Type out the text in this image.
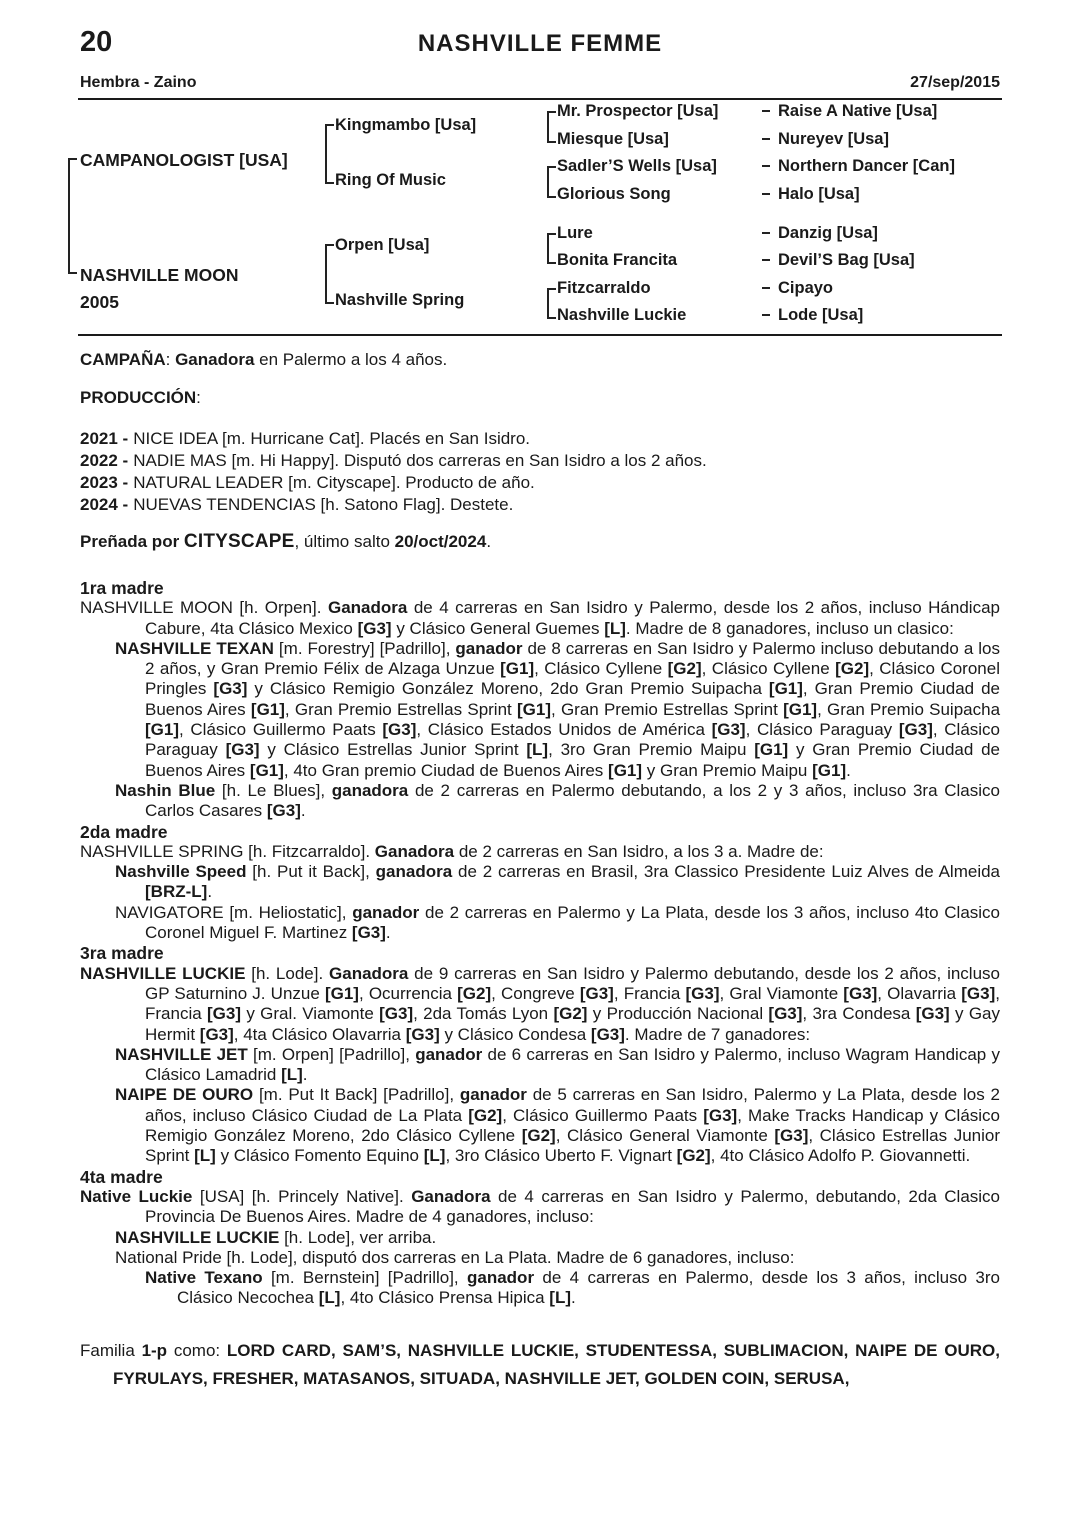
20	NASHVILLE FEMME
Hembra - Zaino	27/sep/2015
CAMPANOLOGIST [USA]
NASHVILLE MOON
2005
Kingmambo [Usa]
Ring Of Music
Orpen [Usa]
Nashville Spring
Mr. Prospector [Usa]
Miesque [Usa]
Sadler’S Wells [Usa]
Glorious Song
Lure
Bonita Francita
Fitzcarraldo
Nashville Luckie
Raise A Native [Usa]
Nureyev [Usa]
Northern Dancer [Can]
Halo [Usa]
Danzig [Usa]
Devil’S Bag [Usa]
Cipayo
Lode [Usa]
CAMPAÑA: Ganadora en Palermo a los 4 años.
PRODUCCIÓN:
2021 - NICE IDEA [m. Hurricane Cat]. Placés en San Isidro.
2022 - NADIE MAS [m. Hi Happy]. Disputó dos carreras en San Isidro a los 2 años.
2023 - NATURAL LEADER [m. Cityscape]. Producto de año.
2024 - NUEVAS TENDENCIAS [h. Satono Flag]. Destete.
Preñada por CITYSCAPE, último salto 20/oct/2024.
1ra madre

NASHVILLE MOON [h. Orpen]. Ganadora de 4 carreras en San Isidro y Palermo, desde los 2 años, incluso Hándicap Cabure, 4ta Clásico Mexico [G3] y Clásico General Guemes [L]. Madre de 8 ganadores, incluso un clasico:

NASHVILLE TEXAN [m. Forestry] [Padrillo], ganador de 8 carreras en San Isidro y Palermo incluso debutando a los 2 años, y Gran Premio Félix de Alzaga Unzue [G1], Clásico Cyllene [G2], Clásico Cyllene [G2], Clásico Coronel Pringles [G3] y Clásico Remigio González Moreno, 2do Gran Premio Suipacha [G1], Gran Premio Ciudad de Buenos Aires [G1], Gran Premio Estrellas Sprint [G1], Gran Premio Estrellas Sprint [G1], Gran Premio Suipacha [G1], Clásico Guillermo Paats [G3], Clásico Estados Unidos de América [G3], Clásico Paraguay [G3], Clásico Paraguay [G3] y Clásico Estrellas Junior Sprint [L], 3ro Gran Premio Maipu [G1] y Gran Premio Ciudad de Buenos Aires [G1], 4to Gran premio Ciudad de Buenos Aires [G1] y Gran Premio Maipu [G1].

Nashin Blue [h. Le Blues], ganadora de 2 carreras en Palermo debutando, a los 2 y 3 años, incluso 3ra Clasico Carlos Casares [G3].

2da madre

NASHVILLE SPRING [h. Fitzcarraldo]. Ganadora de 2 carreras en San Isidro, a los 3 a. Madre de:

Nashville Speed [h. Put it Back], ganadora de 2 carreras en Brasil, 3ra Classico Presidente Luiz Alves de Almeida [BRZ-L].

NAVIGATORE [m. Heliostatic], ganador de 2 carreras en Palermo y La Plata, desde los 3 años, incluso 4to Clasico Coronel Miguel F. Martinez [G3].

3ra madre

NASHVILLE LUCKIE [h. Lode]. Ganadora de 9 carreras en San Isidro y Palermo debutando, desde los 2 años, incluso GP Saturnino J. Unzue [G1], Ocurrencia [G2], Congreve [G3], Francia [G3], Gral Viamonte [G3], Olavarria [G3], Francia [G3] y Gral. Viamonte [G3], 2da Tomás Lyon [G2] y Producción Nacional [G3], 3ra Condesa [G3] y Gay Hermit [G3], 4ta Clásico Olavarria [G3] y Clásico Condesa [G3]. Madre de 7 ganadores:

NASHVILLE JET [m. Orpen] [Padrillo], ganador de 6 carreras en San Isidro y Palermo, incluso Wagram Handicap y Clásico Lamadrid [L].

NAIPE DE OURO [m. Put It Back] [Padrillo], ganador de 5 carreras en San Isidro, Palermo y La Plata, desde los 2 años, incluso Clásico Ciudad de La Plata [G2], Clásico Guillermo Paats [G3], Make Tracks Handicap y Clásico Remigio González Moreno, 2do Clásico Cyllene [G2], Clásico General Viamonte [G3], Clásico Estrellas Junior Sprint [L] y Clásico Fomento Equino [L], 3ro Clásico Uberto F. Vignart [G2], 4to Clásico Adolfo P. Giovannetti.

4ta madre

Native Luckie [USA] [h. Princely Native]. Ganadora de 4 carreras en San Isidro y Palermo, debutando, 2da Clasico Provincia De Buenos Aires. Madre de 4 ganadores, incluso:

NASHVILLE LUCKIE [h. Lode], ver arriba.

National Pride [h. Lode], disputó dos carreras en La Plata. Madre de 6 ganadores, incluso:

Native Texano [m. Bernstein] [Padrillo], ganador de 4 carreras en Palermo, desde los 3 años, incluso 3ro Clásico Necochea [L], 4to Clásico Prensa Hipica [L].

Familia 1-p como: LORD CARD, SAM’S, NASHVILLE LUCKIE, STUDENTESSA, SUBLIMACION, NAIPE DE OURO, FYRULAYS, FRESHER, MATASANOS, SITUADA, NASHVILLE JET, GOLDEN COIN, SERUSA,
